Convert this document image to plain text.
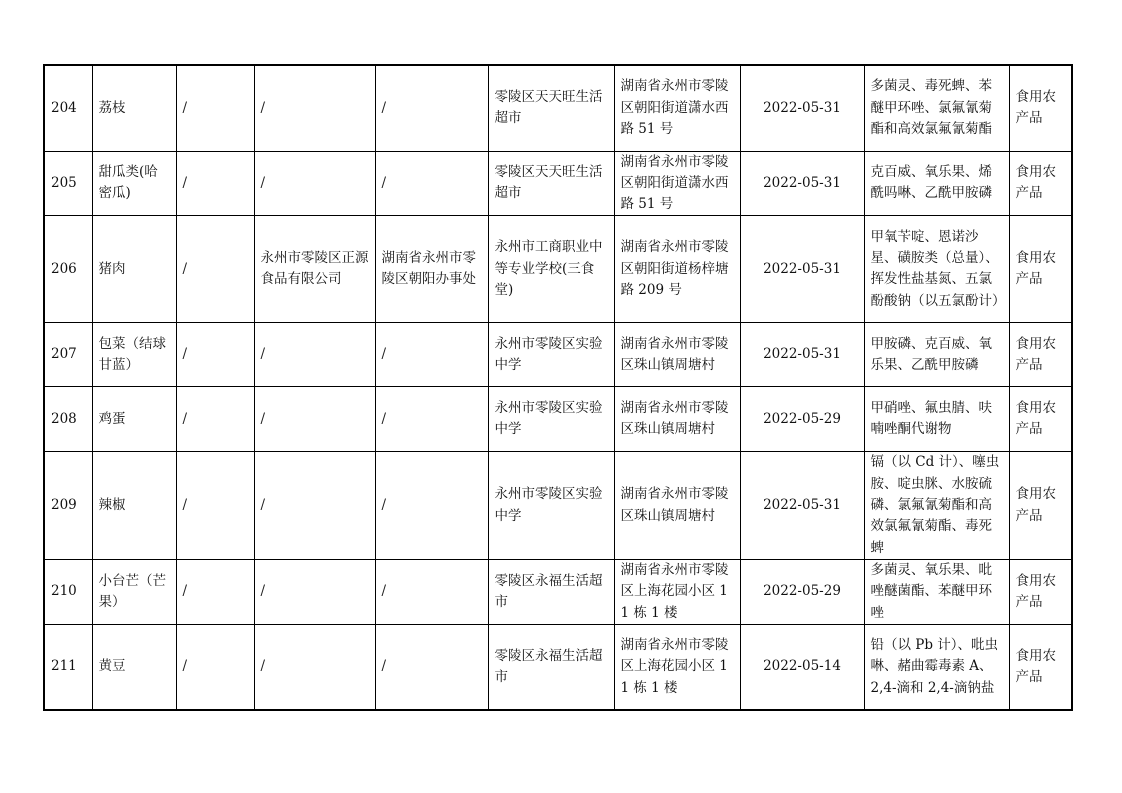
204	荔枝	/	/	/	零陵区天天旺生活超市	湖南省永州市零陵区朝阳街道潇水西路 51 号	2022-05-31	多菌灵、毒死蜱、苯醚甲环唑、氯氟氰菊酯和高效氯氟氰菊酯	食用农产品
205	甜瓜类(哈密瓜)	/	/	/	零陵区天天旺生活超市	湖南省永州市零陵区朝阳街道潇水西路 51 号	2022-05-31	克百威、氧乐果、烯酰吗啉、乙酰甲胺磷	食用农产品
206	猪肉	/	永州市零陵区正源食品有限公司	湖南省永州市零陵区朝阳办事处	永州市工商职业中等专业学校(三食堂)	湖南省永州市零陵区朝阳街道杨梓塘路 209 号	2022-05-31	甲氧苄啶、恩诺沙星、磺胺类（总量）、挥发性盐基氮、五氯酚酸钠（以五氯酚计）	食用农产品
207	包菜（结球甘蓝）	/	/	/	永州市零陵区实验中学	湖南省永州市零陵区珠山镇周塘村	2022-05-31	甲胺磷、克百威、氧乐果、乙酰甲胺磷	食用农产品
208	鸡蛋	/	/	/	永州市零陵区实验中学	湖南省永州市零陵区珠山镇周塘村	2022-05-29	甲硝唑、氟虫腈、呋喃唑酮代谢物	食用农产品
209	辣椒	/	/	/	永州市零陵区实验中学	湖南省永州市零陵区珠山镇周塘村	2022-05-31	镉（以 Cd 计）、噻虫胺、啶虫脒、水胺硫磷、氯氟氰菊酯和高效氯氟氰菊酯、毒死蜱	食用农产品
210	小台芒（芒果）	/	/	/	零陵区永福生活超市	湖南省永州市零陵区上海花园小区 11 栋 1 楼	2022-05-29	多菌灵、氧乐果、吡唑醚菌酯、苯醚甲环唑	食用农产品
211	黄豆	/	/	/	零陵区永福生活超市	湖南省永州市零陵区上海花园小区 11 栋 1 楼	2022-05-14	铅（以 Pb 计）、吡虫啉、赭曲霉毒素 A、2,4-滴和 2,4-滴钠盐	食用农产品
